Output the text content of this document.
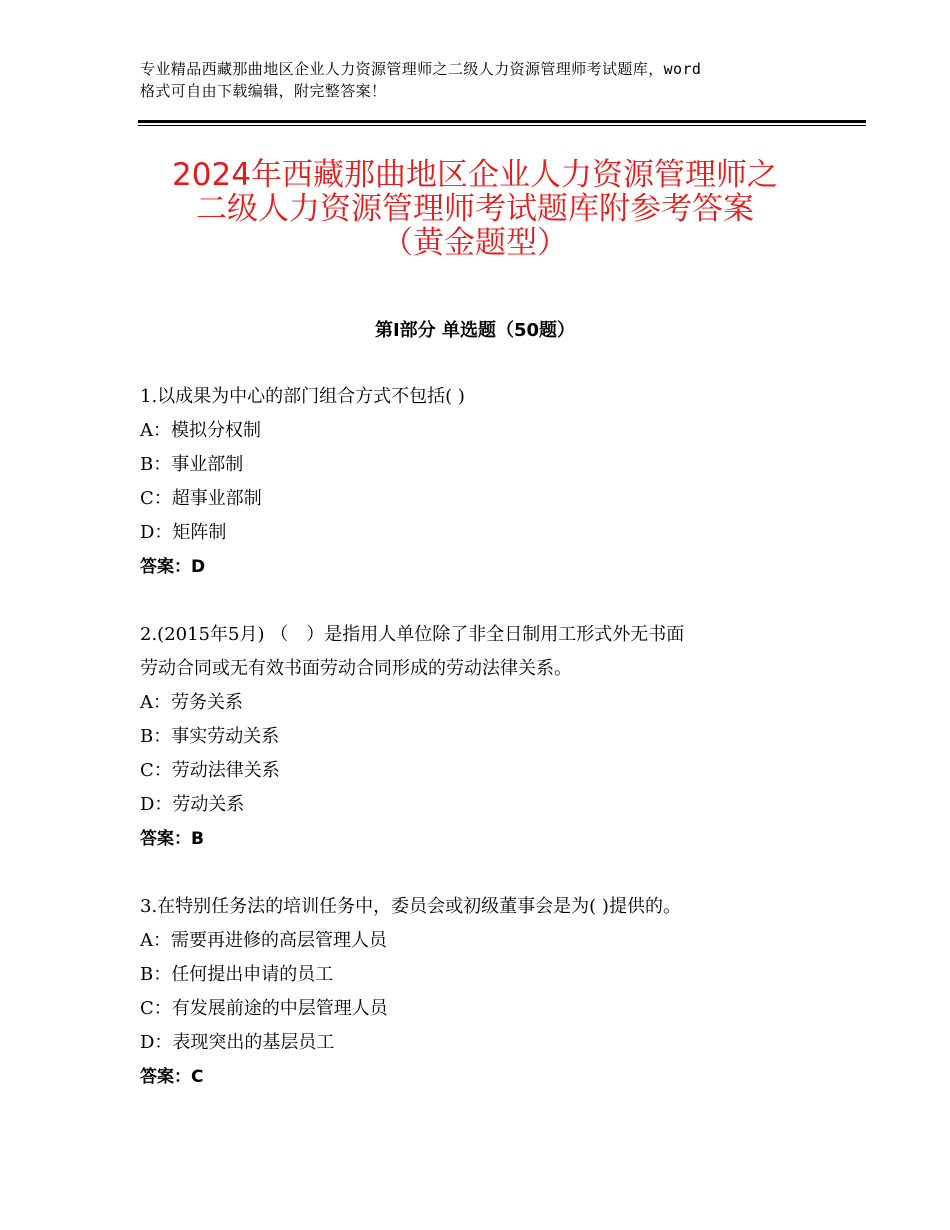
专业精品西藏那曲地区企业人力资源管理师之二级人力资源管理师考试题库，word
格式可自由下载编辑，附完整答案！
2024年西藏那曲地区企业人力资源管理师之
二级人力资源管理师考试题库附参考答案
（黄金题型）
第Ⅰ部分 单选题（50题）
1.以成果为中心的部门组合方式不包括( )
A：模拟分权制
B：事业部制
C：超事业部制
D：矩阵制
答案：D
2.(2015年5月) （　）是指用人单位除了非全日制用工形式外无书面
劳动合同或无有效书面劳动合同形成的劳动法律关系。
A：劳务关系
B：事实劳动关系
C：劳动法律关系
D：劳动关系
答案：B
3.在特别任务法的培训任务中，委员会或初级董事会是为( )提供的。
A：需要再进修的高层管理人员
B：任何提出申请的员工
C：有发展前途的中层管理人员
D：表现突出的基层员工
答案：C
